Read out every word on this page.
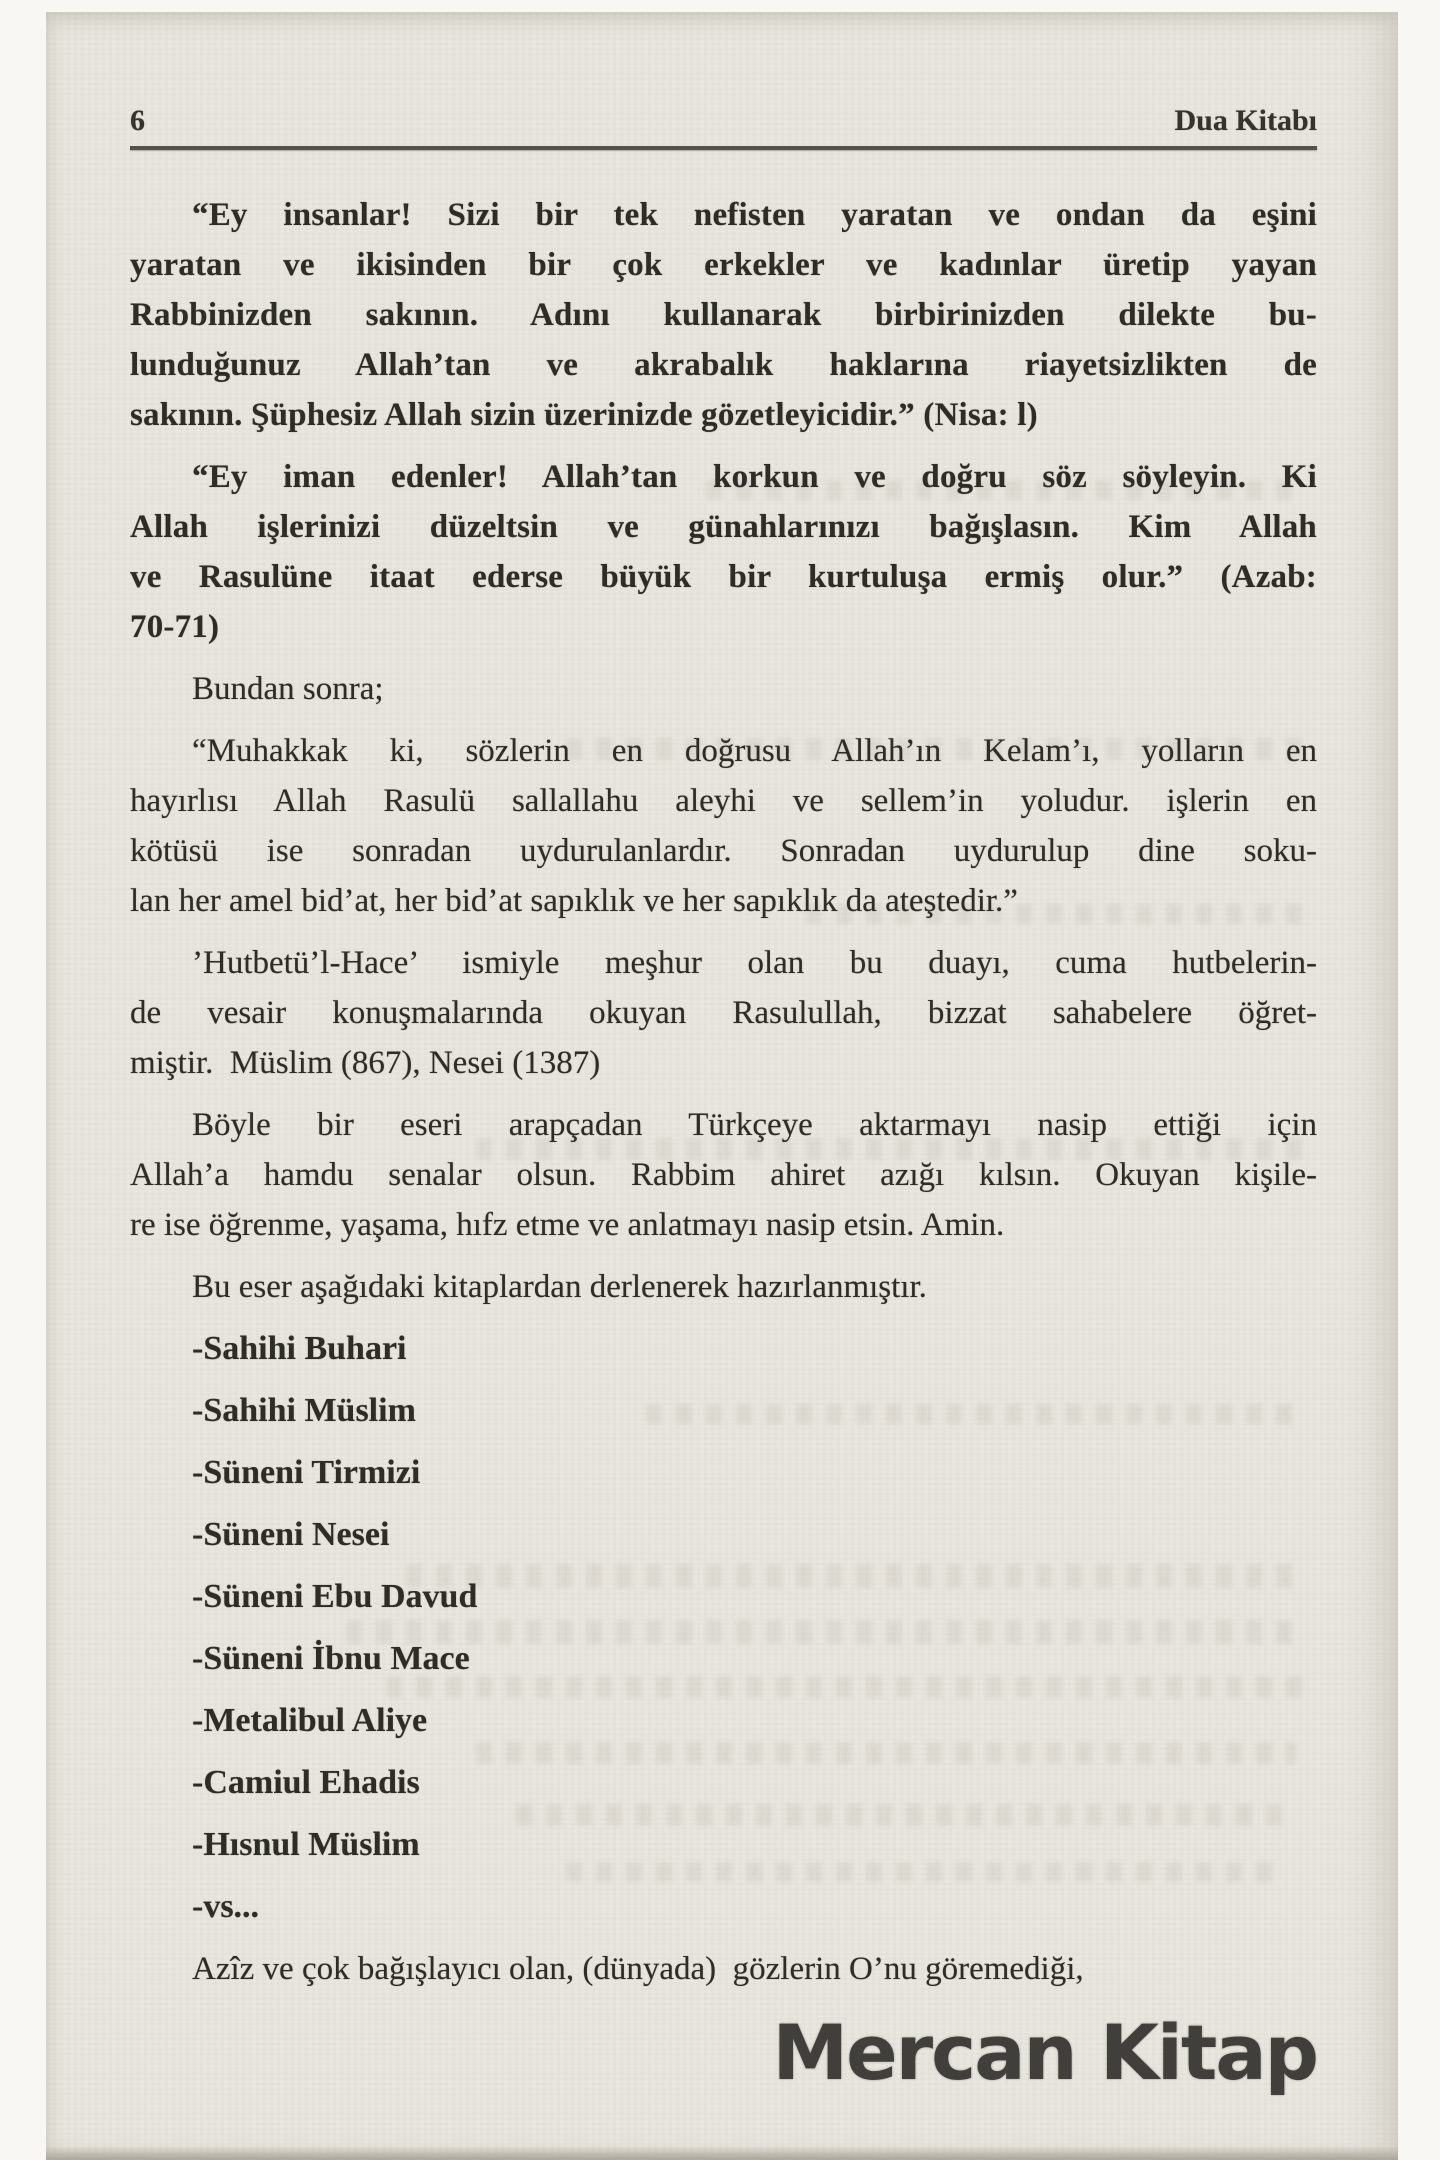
6	Dua Kitabı
“Ey insanlar! Sizi bir tek nefisten yaratan ve ondan da eşini
yaratan ve ikisinden bir çok erkekler ve kadınlar üretip yayan
Rabbinizden sakının. Adını kullanarak birbirinizden dilekte bu-
lunduğunuz Allah’tan ve akrabalık haklarına riayetsizlikten de
sakının. Şüphesiz Allah sizin üzerinizde gözetleyicidir.” (Nisa: l)
“Ey iman edenler! Allah’tan korkun ve doğru söz söyleyin. Ki
Allah işlerinizi düzeltsin ve günahlarınızı bağışlasın. Kim Allah
ve Rasulüne itaat ederse büyük bir kurtuluşa ermiş olur.” (Azab:
70-71)
Bundan sonra;
“Muhakkak ki, sözlerin en doğrusu Allah’ın Kelam’ı, yolların en
hayırlısı Allah Rasulü sallallahu aleyhi ve sellem’in yoludur. işlerin en
kötüsü ise sonradan uydurulanlardır. Sonradan uydurulup dine soku-
lan her amel bid’at, her bid’at sapıklık ve her sapıklık da ateştedir.”
’Hutbetü’l-Hace’ ismiyle meşhur olan bu duayı, cuma hutbelerin-
de vesair konuşmalarında okuyan Rasulullah, bizzat sahabelere öğret-
miştir.  Müslim (867), Nesei (1387)
Böyle bir eseri arapçadan Türkçeye aktarmayı nasip ettiği için
Allah’a hamdu senalar olsun. Rabbim ahiret azığı kılsın. Okuyan kişile-
re ise öğrenme, yaşama, hıfz etme ve anlatmayı nasip etsin. Amin.
Bu eser aşağıdaki kitaplardan derlenerek hazırlanmıştır.
-Sahihi Buhari
-Sahihi Müslim
-Süneni Tirmizi
-Süneni Nesei
-Süneni Ebu Davud
-Süneni İbnu Mace
-Metalibul Aliye
-Camiul Ehadis
-Hısnul Müslim
-vs...
Azîz ve çok bağışlayıcı olan, (dünyada)  gözlerin O’nu göremediği,
Mercan Kitap
